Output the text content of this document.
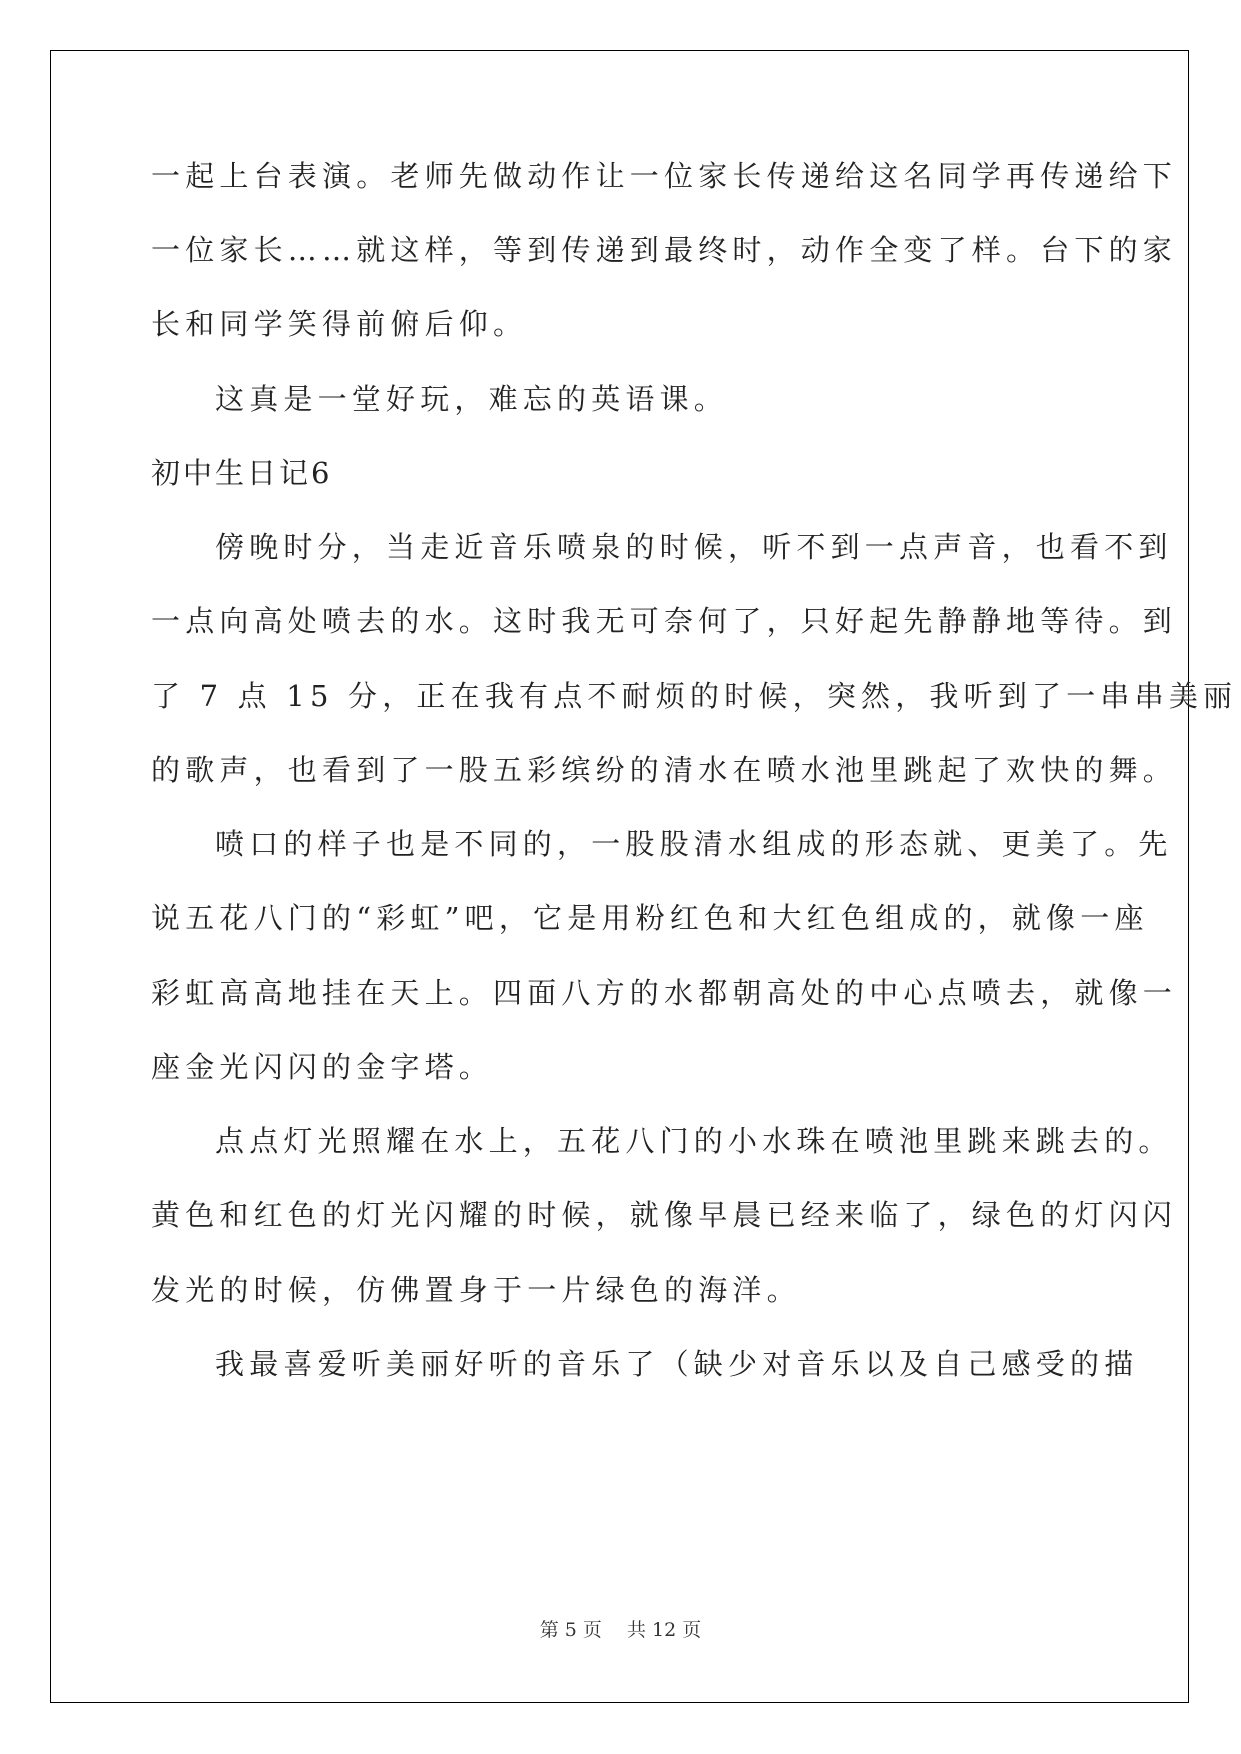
一起上台表演。老师先做动作让一位家长传递给这名同学再传递给下
一位家长……就这样，等到传递到最终时，动作全变了样。台下的家
长和同学笑得前俯后仰。
这真是一堂好玩，难忘的英语课。
初中生日记6
傍晚时分，当走近音乐喷泉的时候，听不到一点声音，也看不到
一点向高处喷去的水。这时我无可奈何了，只好起先静静地等待。到
了 7 点 15 分，正在我有点不耐烦的时候，突然，我听到了一串串美丽
的歌声，也看到了一股五彩缤纷的清水在喷水池里跳起了欢快的舞。
喷口的样子也是不同的，一股股清水组成的形态就、更美了。先
说五花八门的“彩虹”吧，它是用粉红色和大红色组成的，就像一座
彩虹高高地挂在天上。四面八方的水都朝高处的中心点喷去，就像一
座金光闪闪的金字塔。
点点灯光照耀在水上，五花八门的小水珠在喷池里跳来跳去的。
黄色和红色的灯光闪耀的时候，就像早晨已经来临了，绿色的灯闪闪
发光的时候，仿佛置身于一片绿色的海洋。
我最喜爱听美丽好听的音乐了（缺少对音乐以及自己感受的描
第 5 页　 共 12 页
